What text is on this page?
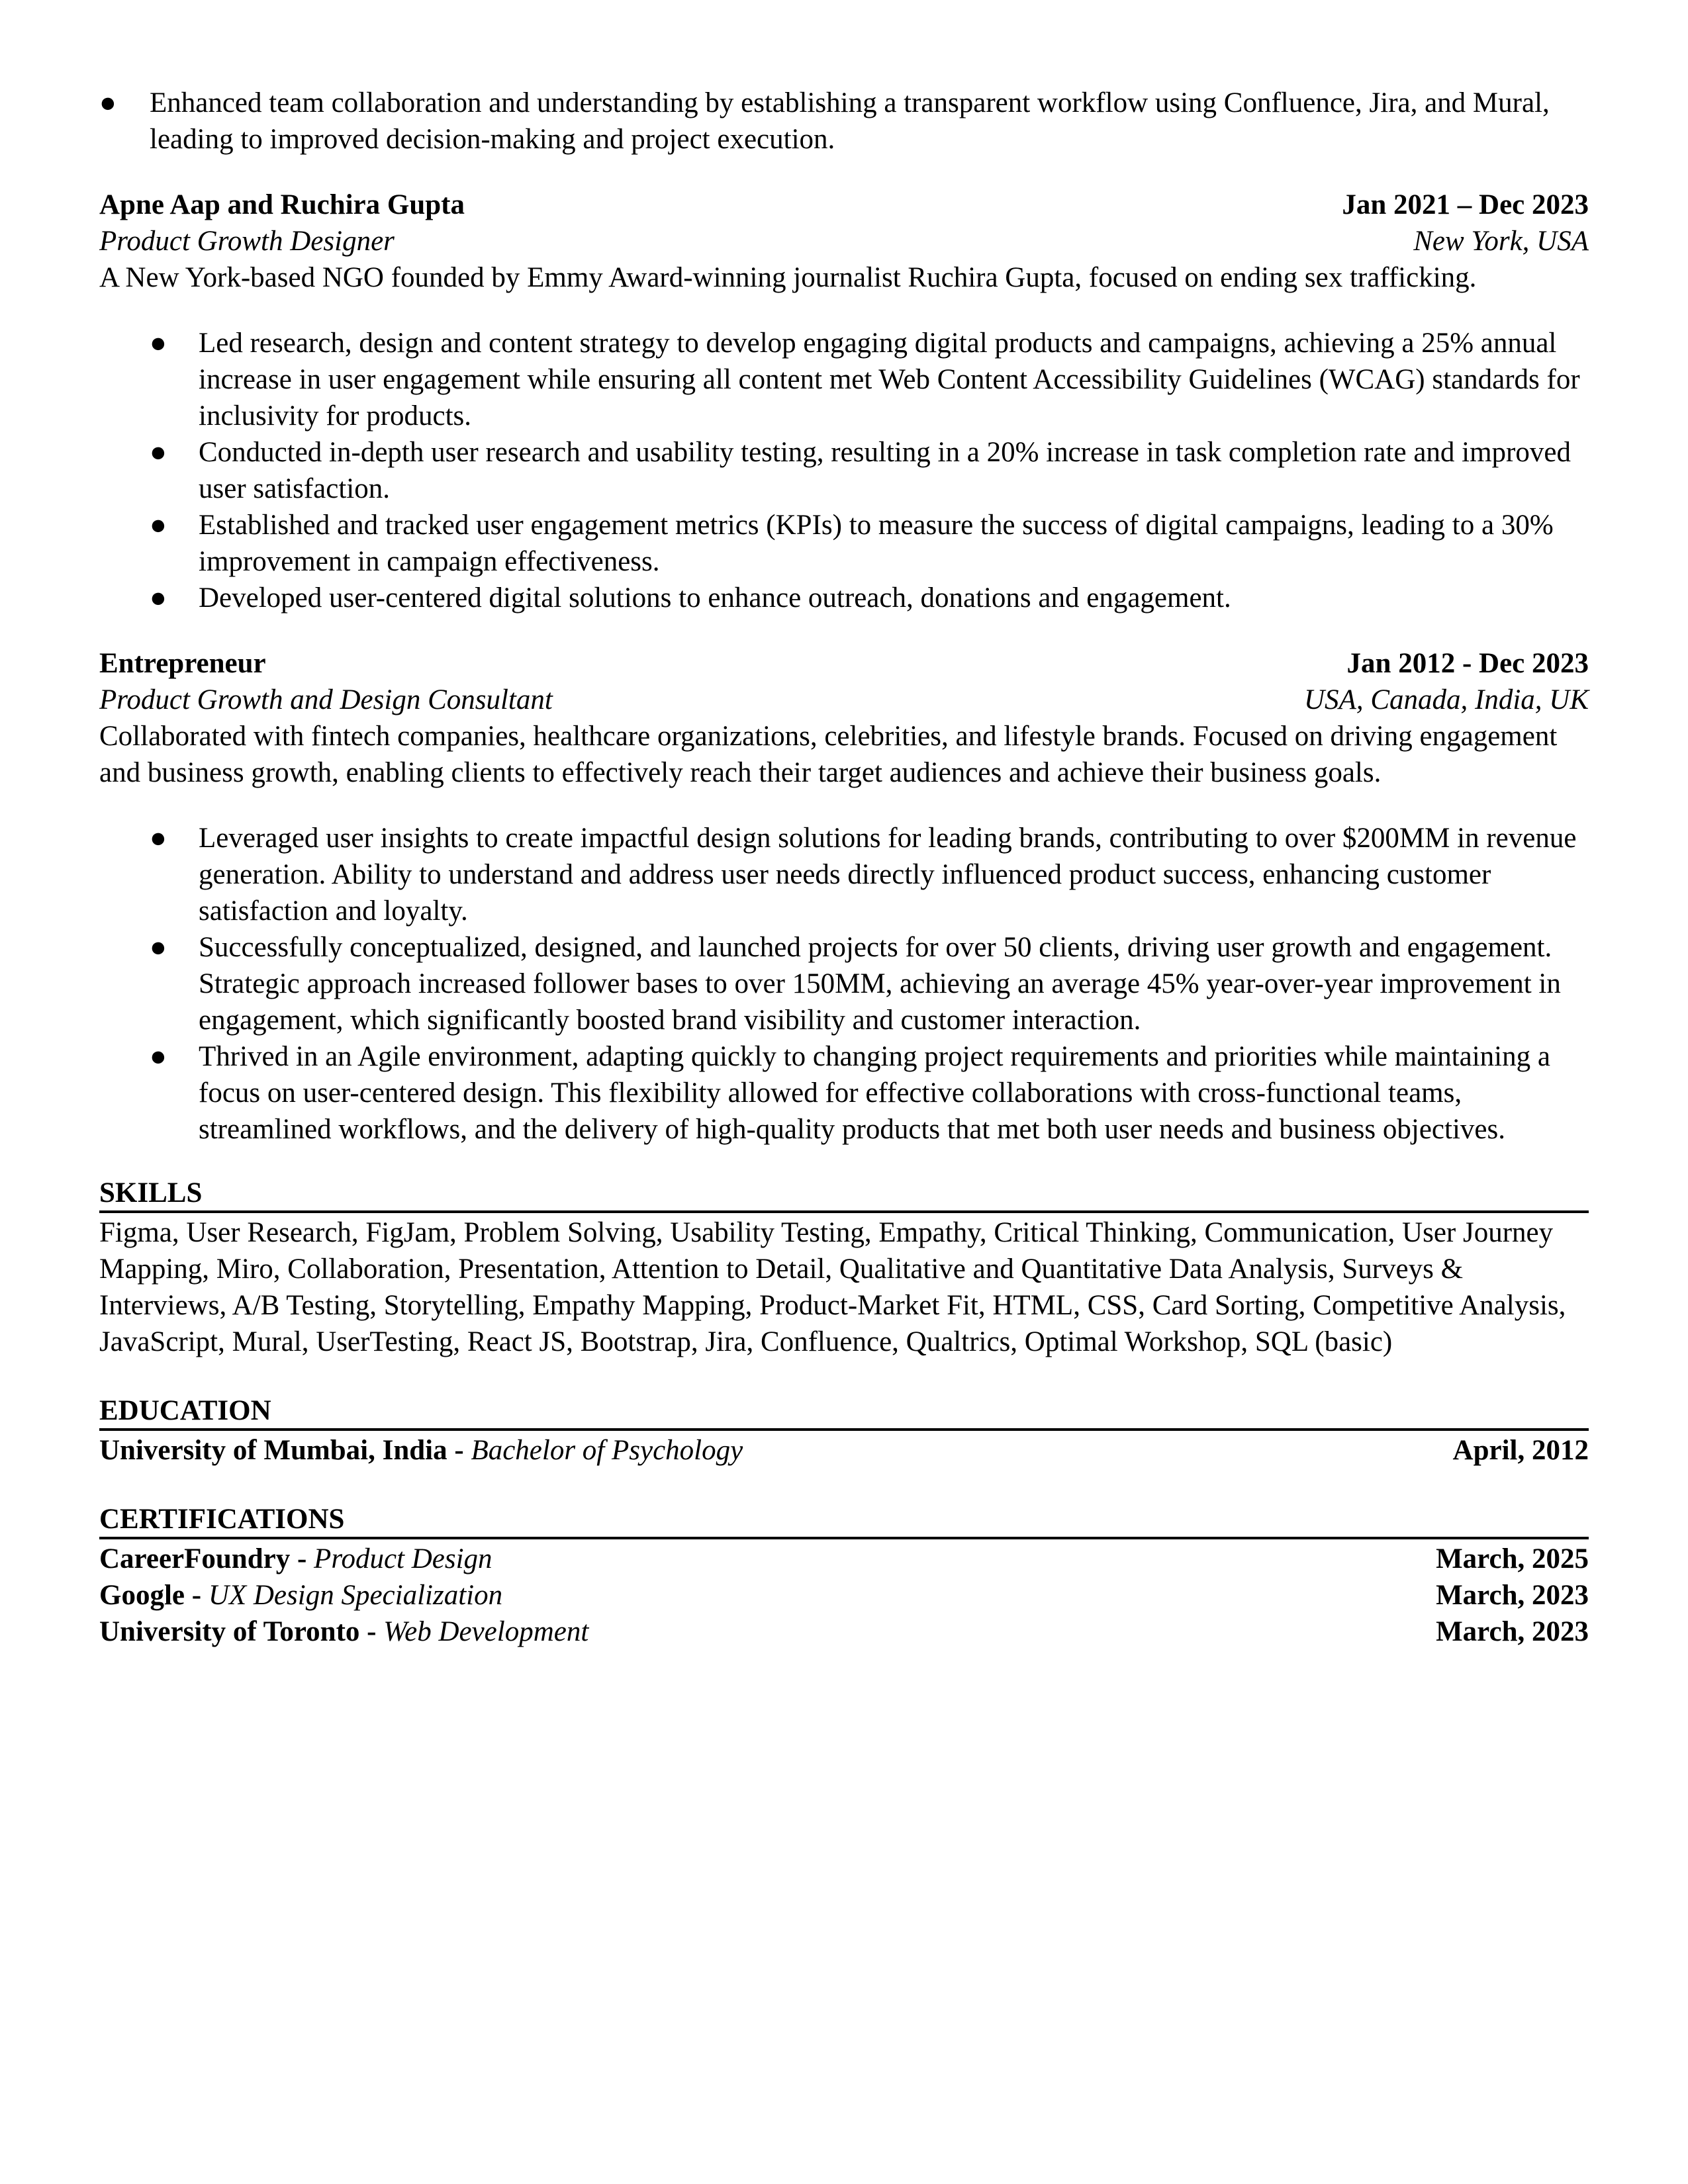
●	Enhanced team collaboration and understanding by establishing a transparent workflow using Confluence, Jira, and Mural, leading to improved decision-making and project execution.
Apne Aap and Ruchira Gupta	Jan 2021 – Dec 2023
Product Growth Designer	New York, USA

A New York-based NGO founded by Emmy Award-winning journalist Ruchira Gupta, focused on ending sex trafficking.

●	Led research, design and content strategy to develop engaging digital products and campaigns, achieving a 25% annual increase in user engagement while ensuring all content met Web Content Accessibility Guidelines (WCAG) standards for inclusivity for products.
●	Conducted in-depth user research and usability testing, resulting in a 20% increase in task completion rate and improved user satisfaction.
●	Established and tracked user engagement metrics (KPIs) to measure the success of digital campaigns, leading to a 30% improvement in campaign effectiveness.
●	Developed user-centered digital solutions to enhance outreach, donations and engagement.
Entrepreneur	Jan 2012 - Dec 2023
Product Growth and Design Consultant	USA, Canada, India, UK

Collaborated with fintech companies, healthcare organizations, celebrities, and lifestyle brands. Focused on driving engagement and business growth, enabling clients to effectively reach their target audiences and achieve their business goals.

●	Leveraged user insights to create impactful design solutions for leading brands, contributing to over $200MM in revenue generation. Ability to understand and address user needs directly influenced product success, enhancing customer satisfaction and loyalty.
●	Successfully conceptualized, designed, and launched projects for over 50 clients, driving user growth and engagement. Strategic approach increased follower bases to over 150MM, achieving an average 45% year-over-year improvement in engagement, which significantly boosted brand visibility and customer interaction.
●	Thrived in an Agile environment, adapting quickly to changing project requirements and priorities while maintaining a focus on user-centered design. This flexibility allowed for effective collaborations with cross-functional teams, streamlined workflows, and the delivery of high-quality products that met both user needs and business objectives.
SKILLS

Figma, User Research, FigJam, Problem Solving, Usability Testing, Empathy, Critical Thinking, Communication, User Journey Mapping, Miro, Collaboration, Presentation, Attention to Detail, Qualitative and Quantitative Data Analysis, Surveys & Interviews, A/B Testing, Storytelling, Empathy Mapping, Product-Market Fit, HTML, CSS, Card Sorting, Competitive Analysis, JavaScript, Mural, UserTesting, React JS, Bootstrap, Jira, Confluence, Qualtrics, Optimal Workshop, SQL (basic)

EDUCATION
University of Mumbai, India - Bachelor of Psychology	April, 2012
CERTIFICATIONS
CareerFoundry - Product Design	March, 2025
Google - UX Design Specialization	March, 2023
University of Toronto - Web Development	March, 2023
